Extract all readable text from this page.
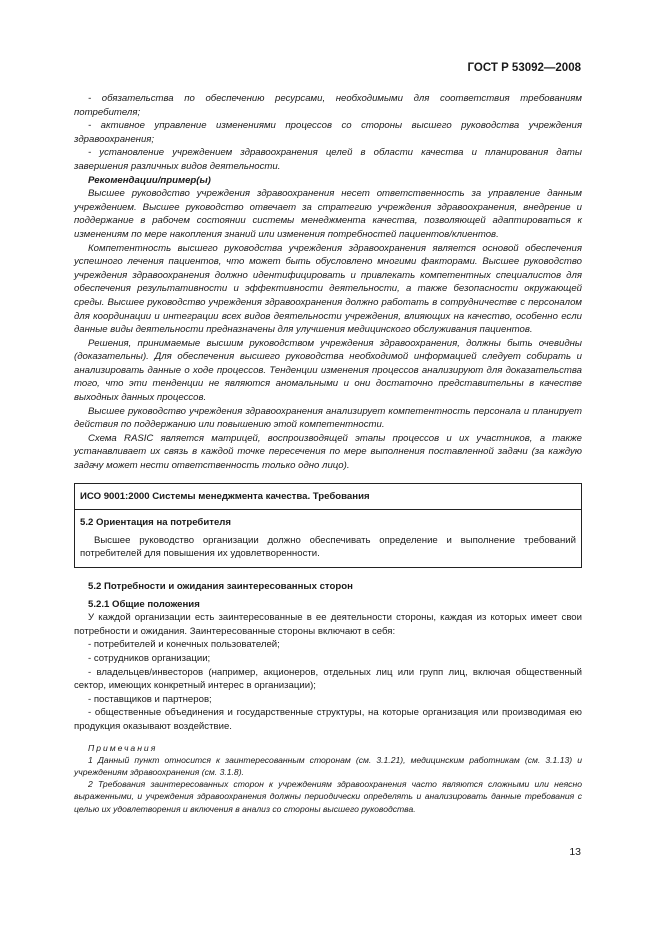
ГОСТ Р 53092—2008

- обязательства по обеспечению ресурсами, необходимыми для соответствия требованиям потребителя;

- активное управление изменениями процессов со стороны высшего руководства учреждения здравоохранения;

- установление учреждением здравоохранения целей в области качества и планирования даты завершения различных видов деятельности.

Рекомендации/пример(ы)

Высшее руководство учреждения здравоохранения несет ответственность за управление данным учреждением. Высшее руководство отвечает за стратегию учреждения здравоохранения, внедрение и поддержание в рабочем состоянии системы менеджмента качества, позволяющей адаптироваться к изменениям по мере накопления знаний или изменения потребностей пациентов/клиентов.

Компетентность высшего руководства учреждения здравоохранения является основой обеспечения успешного лечения пациентов, что может быть обусловлено многими факторами. Высшее руководство учреждения здравоохранения должно идентифицировать и привлекать компетентных специалистов для обеспечения результативности и эффективности деятельности, а также безопасности окружающей среды. Высшее руководство учреждения здравоохранения должно работать в сотрудничестве с персоналом для координации и интеграции всех видов деятельности учреждения, влияющих на качество, особенно если данные виды деятельности предназначены для улучшения медицинского обслуживания пациентов.

Решения, принимаемые высшим руководством учреждения здравоохранения, должны быть очевидны (доказательны). Для обеспечения высшего руководства необходимой информацией следует собирать и анализировать данные о ходе процессов. Тенденции изменения процессов анализируют для доказательства того, что эти тенденции не являются аномальными и они достаточно представительны в качестве выходных данных процессов.

Высшее руководство учреждения здравоохранения анализирует компетентность персонала и планирует действия по поддержанию или повышению этой компетентности.

Схема RASIC является матрицей, воспроизводящей этапы процессов и их участников, а также устанавливает их связь в каждой точке пересечения по мере выполнения поставленной задачи (за каждую задачу может нести ответственность только одно лицо).

ИСО 9001:2000 Системы менеджмента качества. Требования
5.2 Ориентация на потребителя

Высшее руководство организации должно обеспечивать определение и выполнение требований потребителей для повышения их удовлетворенности.

5.2 Потребности и ожидания заинтересованных сторон

5.2.1 Общие положения

У каждой организации есть заинтересованные в ее деятельности стороны, каждая из которых имеет свои потребности и ожидания. Заинтересованные стороны включают в себя:

- потребителей и конечных пользователей;

- сотрудников организации;

- владельцев/инвесторов (например, акционеров, отдельных лиц или групп лиц, включая общественный сектор, имеющих конкретный интерес в организации);

- поставщиков и партнеров;

- общественные объединения и государственные структуры, на которые организация или производимая ею продукция оказывают воздействие.

Примечания

1 Данный пункт относится к заинтересованным сторонам (см. 3.1.21), медицинским работникам (см. 3.1.13) и учреждениям здравоохранения (см. 3.1.8).

2 Требования заинтересованных сторон к учреждениям здравоохранения часто являются сложными или неясно выраженными, и учреждения здравоохранения должны периодически определять и анализировать данные требования с целью их удовлетворения и включения в анализ со стороны высшего руководства.

13
